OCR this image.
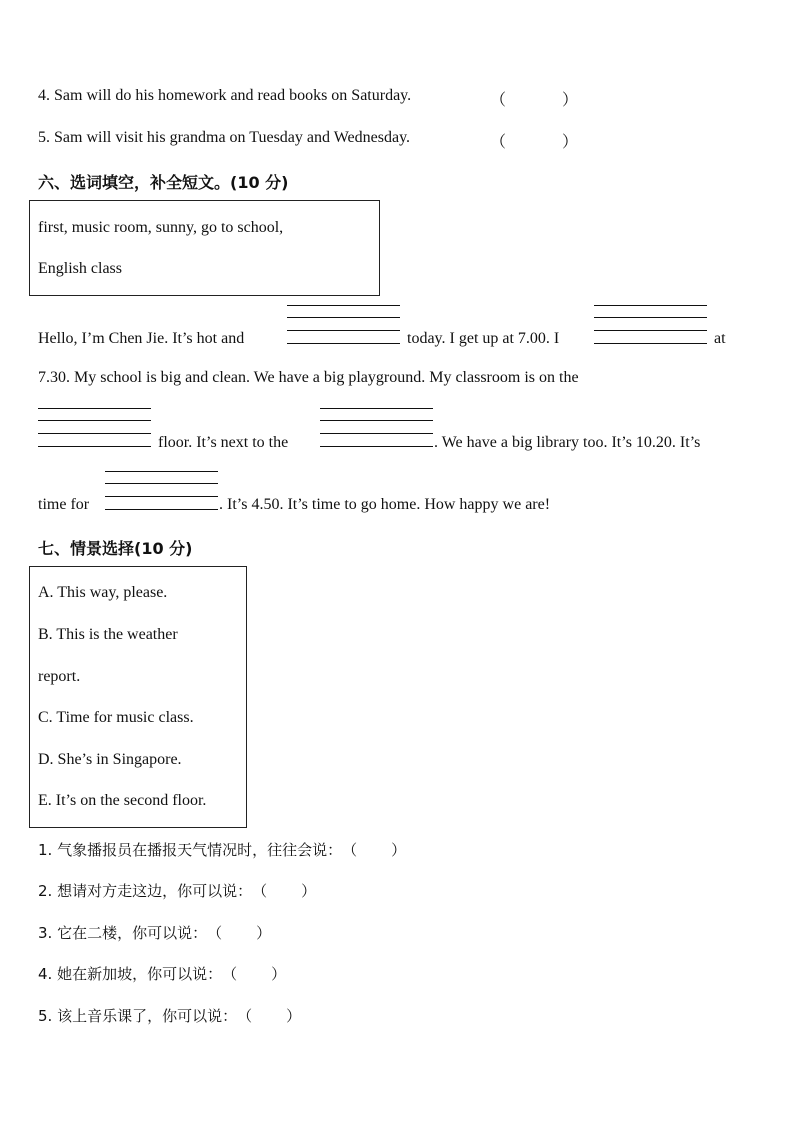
4. Sam will do his homework and read books on Saturday.	（	）
5. Sam will visit his grandma on Tuesday and Wednesday.	（	）
六、选词填空，补全短文。(10 分)
first, music room, sunny, go to school,
English class
Hello, I’m Chen Jie. It’s hot and	today. I get up at 7.00. I	at
7.30. My school is big and clean. We have a big playground. My classroom is on the
floor. It’s next to the	. We have a big library too. It’s 10.20. It’s
time for	. It’s 4.50. It’s time to go home. How happy we are!
七、情景选择(10 分)
A. This way, please.
B. This is the weather
report.
C. Time for music class.
D. She’s in Singapore.
E. It’s on the second floor.
1. 气象播报员在播报天气情况时，往往会说：（ ）
2. 想请对方走这边，你可以说：（ ）
3. 它在二楼，你可以说：（ ）
4. 她在新加坡，你可以说：（ ）
5. 该上音乐课了，你可以说：（ ）
